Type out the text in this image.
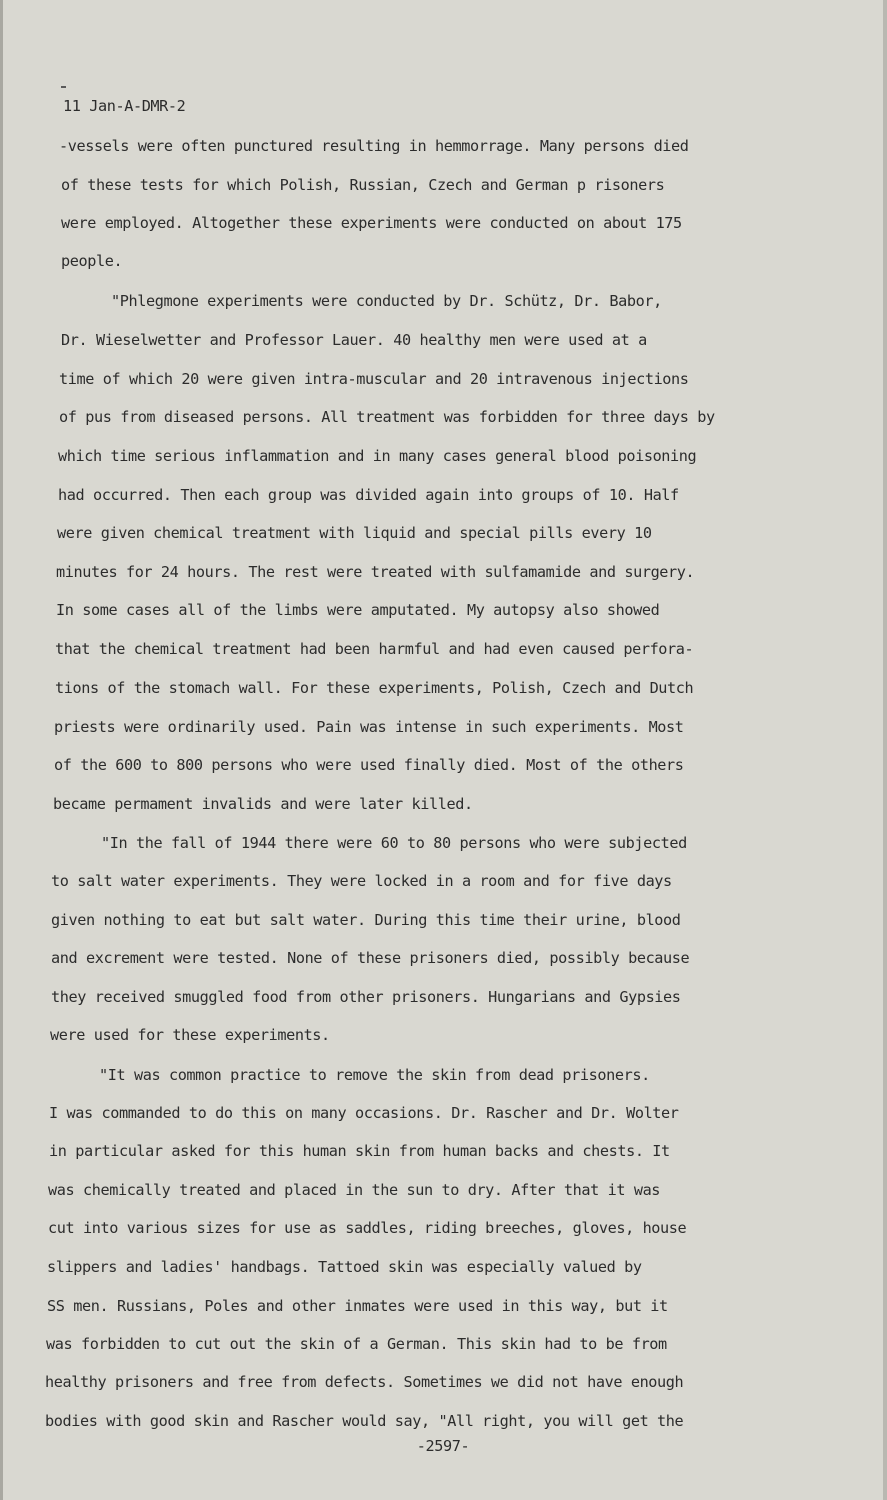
11 Jan-A-DMR-2
-vessels were often punctured resulting in hemmorrage. Many persons died
of these tests for which Polish, Russian, Czech and German p risoners
were employed. Altogether these experiments were conducted on about 175
people.
"Phlegmone experiments were conducted by Dr. Schütz, Dr. Babor,
Dr. Wieselwetter and Professor Lauer. 40 healthy men were used at a
time of which 20 were given intra-muscular and 20 intravenous injections
of pus from diseased persons. All treatment was forbidden for three days by
which time serious inflammation and in many cases general blood poisoning
had occurred. Then each group was divided again into groups of 10. Half
were given chemical treatment with liquid and special pills every 10
minutes for 24 hours. The rest were treated with sulfamamide and surgery.
In some cases all of the limbs were amputated. My autopsy also showed
that the chemical treatment had been harmful and had even caused perfora-
tions of the stomach wall. For these experiments, Polish, Czech and Dutch
priests were ordinarily used. Pain was intense in such experiments. Most
of the 600 to 800 persons who were used finally died. Most of the others
became permament invalids and were later killed.
"In the fall of 1944 there were 60 to 80 persons who were subjected
to salt water experiments. They were locked in a room and for five days
given nothing to eat but salt water. During this time their urine, blood
and excrement were tested. None of these prisoners died, possibly because
they received smuggled food from other prisoners. Hungarians and Gypsies
were used for these experiments.
"It was common practice to remove the skin from dead prisoners.
I was commanded to do this on many occasions. Dr. Rascher and Dr. Wolter
in particular asked for this human skin from human backs and chests. It
was chemically treated and placed in the sun to dry. After that it was
cut into various sizes for use as saddles, riding breeches, gloves, house
slippers and ladies' handbags. Tattoed skin was especially valued by
SS men. Russians, Poles and other inmates were used in this way, but it
was forbidden to cut out the skin of a German. This skin had to be from
healthy prisoners and free from defects. Sometimes we did not have enough
bodies with good skin and Rascher would say, "All right, you will get the
-2597-
